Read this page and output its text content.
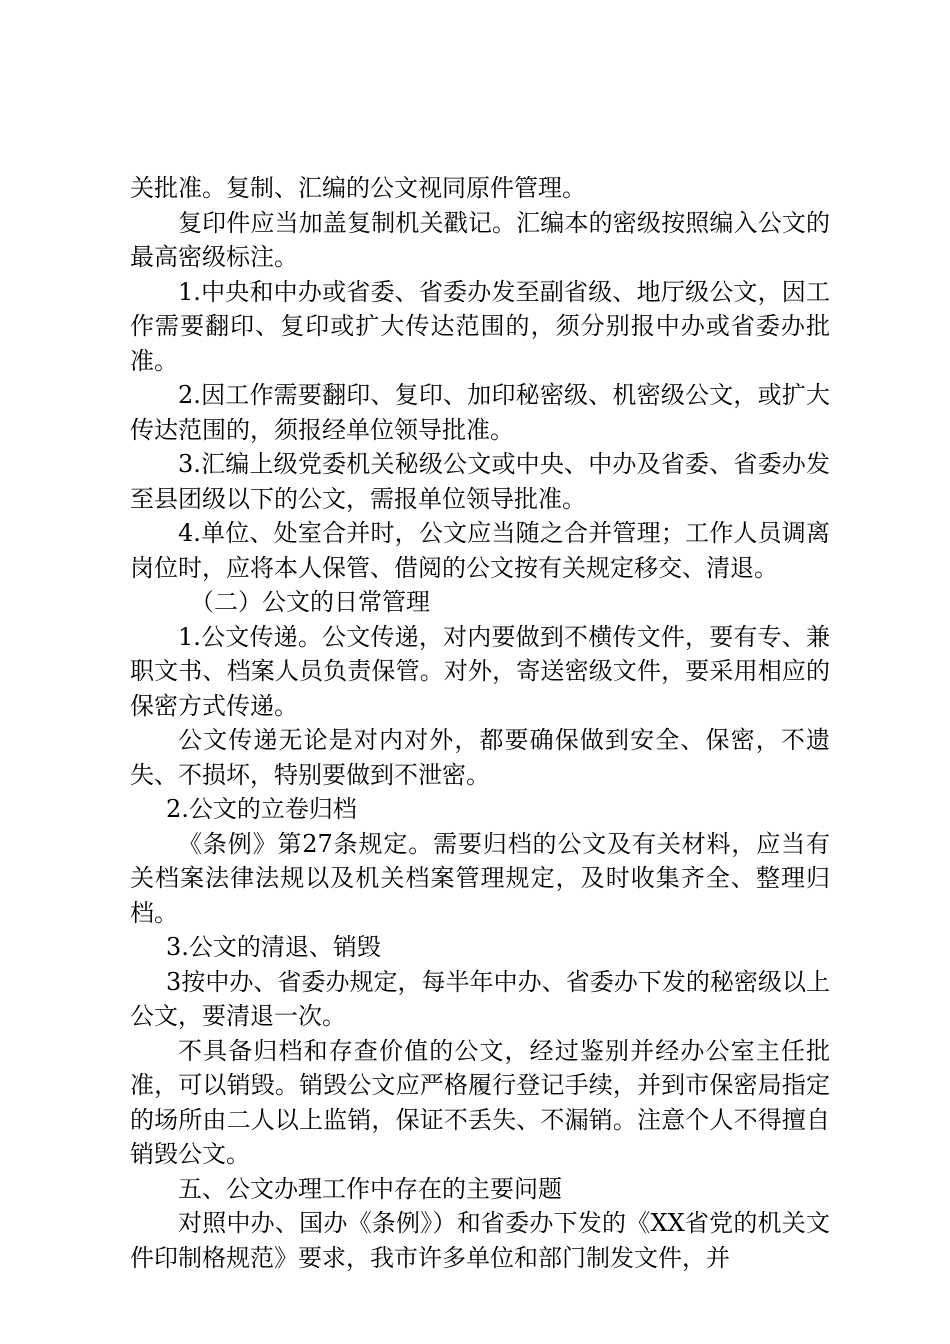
关批准。复制、汇编的公文视同原件管理。

复印件应当加盖复制机关戳记。汇编本的密级按照编入公文的最高密级标注。

1.中央和中办或省委、省委办发至副省级、地厅级公文，因工作需要翻印、复印或扩大传达范围的，须分别报中办或省委办批准。

2.因工作需要翻印、复印、加印秘密级、机密级公文，或扩大传达范围的，须报经单位领导批准。

3.汇编上级党委机关秘级公文或中央、中办及省委、省委办发至县团级以下的公文，需报单位领导批准。

4.单位、处室合并时，公文应当随之合并管理；工作人员调离岗位时，应将本人保管、借阅的公文按有关规定移交、清退。

（二）公文的日常管理

1.公文传递。公文传递，对内要做到不横传文件，要有专、兼职文书、档案人员负责保管。对外，寄送密级文件，要采用相应的保密方式传递。

公文传递无论是对内对外，都要确保做到安全、保密，不遗失、不损坏，特别要做到不泄密。

2.公文的立卷归档

《条例》第27条规定。需要归档的公文及有关材料，应当有关档案法律法规以及机关档案管理规定，及时收集齐全、整理归档。

3.公文的清退、销毁

3按中办、省委办规定，每半年中办、省委办下发的秘密级以上公文，要清退一次。

不具备归档和存查价值的公文，经过鉴别并经办公室主任批准，可以销毁。销毁公文应严格履行登记手续，并到市保密局指定的场所由二人以上监销，保证不丢失、不漏销。注意个人不得擅自销毁公文。

五、公文办理工作中存在的主要问题

对照中办、国办《条例》）和省委办下发的《XX省党的机关文件印制格规范》要求，我市许多单位和部门制发文件，并
